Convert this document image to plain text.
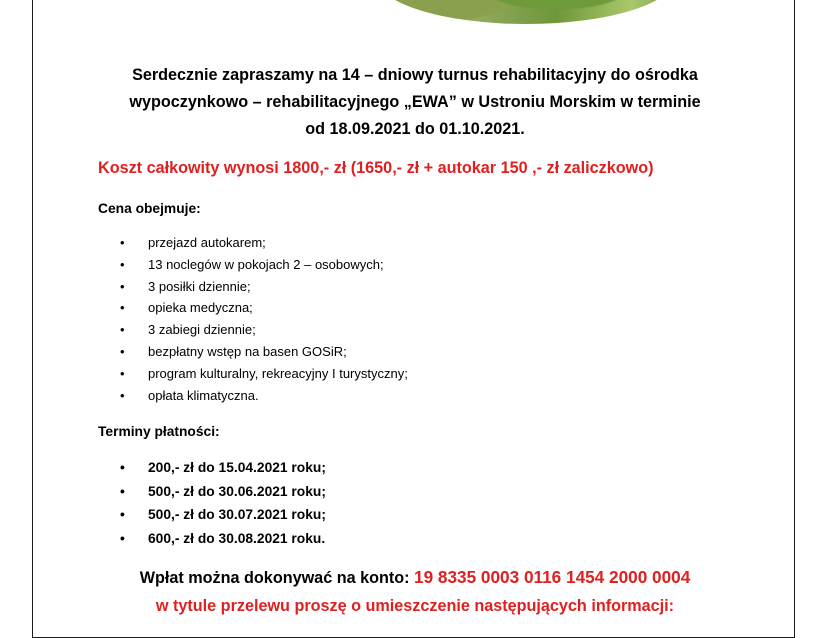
Serdecznie zapraszamy na 14 – dniowy turnus rehabilitacyjny do ośrodka
wypoczynkowo – rehabilitacyjnego „EWA” w Ustroniu Morskim w terminie
od 18.09.2021 do 01.10.2021.
Koszt całkowity wynosi 1800,- zł (1650,- zł + autokar 150 ,- zł zaliczkowo)
Cena obejmuje:
• przejazd autokarem;
• 13 noclegów w pokojach 2 – osobowych;
• 3 posiłki dziennie;
• opieka medyczna;
• 3 zabiegi dziennie;
• bezpłatny wstęp na basen GOSiR;
• program kulturalny, rekreacyjny I turystyczny;
• opłata klimatyczna.
Terminy płatności:
• 200,- zł do 15.04.2021 roku;
• 500,- zł do 30.06.2021 roku;
• 500,- zł do 30.07.2021 roku;
• 600,- zł do 30.08.2021 roku.
Wpłat można dokonywać na konto: 19 8335 0003 0116 1454 2000 0004
w tytule przelewu proszę o umieszczenie następujących informacji:
